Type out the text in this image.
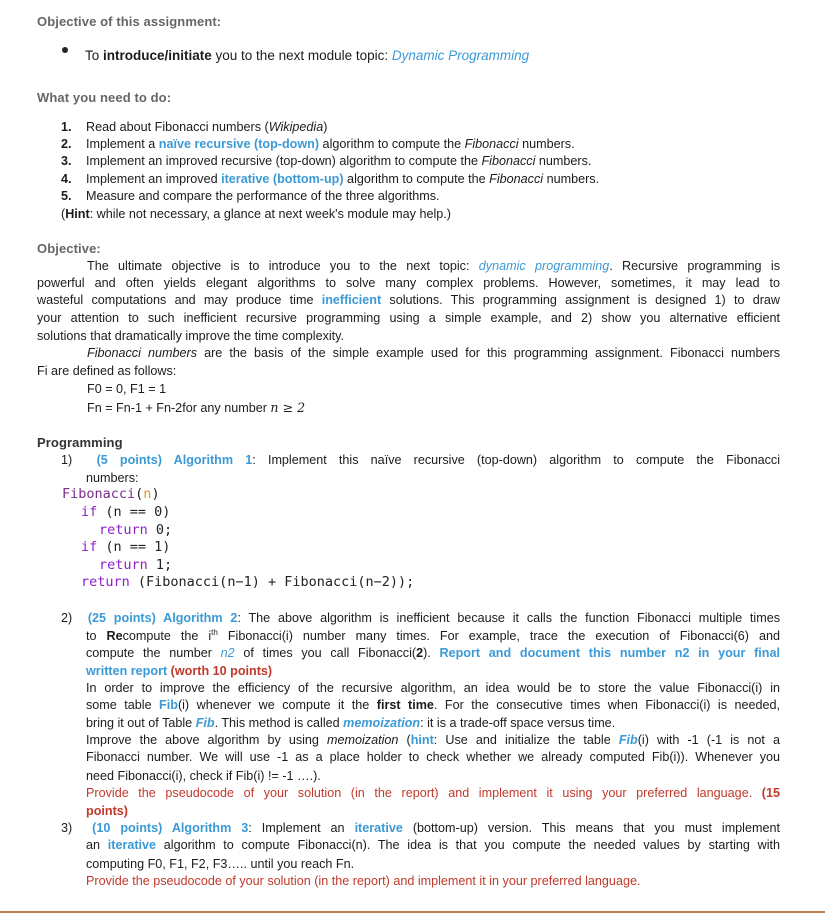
Objective of this assignment:
To introduce/initiate you to the next module topic: Dynamic Programming
What you need to do:
1. Read about Fibonacci numbers (Wikipedia)
2. Implement a naïve recursive (top-down) algorithm to compute the Fibonacci numbers.
3. Implement an improved recursive (top-down) algorithm to compute the Fibonacci numbers.
4. Implement an improved iterative (bottom-up) algorithm to compute the Fibonacci numbers.
5. Measure and compare the performance of the three algorithms.
(Hint: while not necessary, a glance at next week's module may help.)
Objective:
The ultimate objective is to introduce you to the next topic: dynamic programming. Recursive programming is
powerful and often yields elegant algorithms to solve many complex problems. However, sometimes, it may lead to
wasteful computations and may produce time inefficient solutions. This programming assignment is designed 1) to draw
your attention to such inefficient recursive programming using a simple example, and 2) show you alternative efficient
solutions that dramatically improve the time complexity.
Fibonacci numbers are the basis of the simple example used for this programming assignment. Fibonacci numbers
Fi are defined as follows:
F0 = 0, F1 = 1
Fn = Fn-1 + Fn-2for any number n ≥ 2
Programming
1) (5 points) Algorithm 1: Implement this naïve recursive (top-down) algorithm to compute the Fibonacci
numbers:
Fibonacci(n)
if (n == 0)
return 0;
if (n == 1)
return 1;
return (Fibonacci(n−1) + Fibonacci(n−2));
2) (25 points) Algorithm 2: The above algorithm is inefficient because it calls the function Fibonacci multiple times
to Recompute the $i^{th}$ Fibonacci(i) number many times. For example, trace the execution of Fibonacci(6) and
compute the number n2 of times you call Fibonacci(2). Report and document this number n2 in your final
written report (worth 10 points)
In order to improve the efficiency of the recursive algorithm, an idea would be to store the value Fibonacci(i) in
some table Fib(i) whenever we compute it the first time. For the consecutive times when Fibonacci(i) is needed,
bring it out of Table Fib. This method is called memoization: it is a trade-off space versus time.
Improve the above algorithm by using memoization (hint: Use and initialize the table Fib(i) with -1 (-1 is not a
Fibonacci number. We will use -1 as a place holder to check whether we already computed Fib(i)). Whenever you
need Fibonacci(i), check if Fib(i) != -1 ….).
Provide the pseudocode of your solution (in the report) and implement it using your preferred language. (15
points)
3) (10 points) Algorithm 3: Implement an iterative (bottom-up) version. This means that you must implement
an iterative algorithm to compute Fibonacci(n). The idea is that you compute the needed values by starting with
computing F0, F1, F2, F3….. until you reach Fn.
Provide the pseudocode of your solution (in the report) and implement it in your preferred language.
